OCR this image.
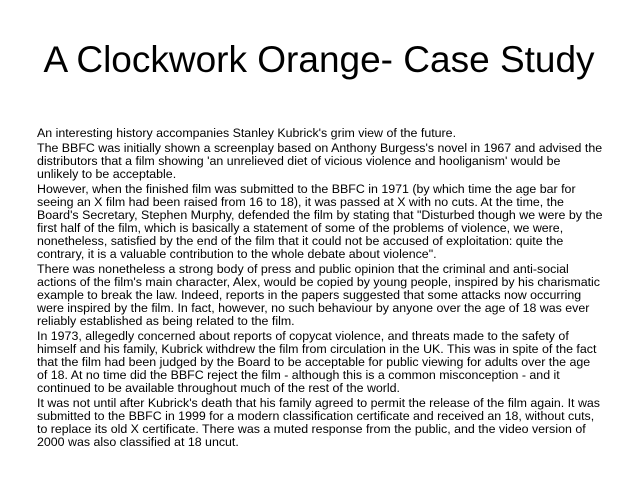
A Clockwork Orange- Case Study

An interesting history accompanies Stanley Kubrick's grim view of the future.

The BBFC was initially shown a screenplay based on Anthony Burgess's novel in 1967 and advised the distributors that a film showing 'an unrelieved diet of vicious violence and hooliganism' would be unlikely to be acceptable.

However, when the finished film was submitted to the BBFC in 1971 (by which time the age bar for seeing an X film had been raised from 16 to 18), it was passed at X with no cuts. At the time, the Board's Secretary, Stephen Murphy, defended the film by stating that "Disturbed though we were by the first half of the film, which is basically a statement of some of the problems of violence, we were, nonetheless, satisfied by the end of the film that it could not be accused of exploitation: quite the contrary, it is a valuable contribution to the whole debate about violence".

There was nonetheless a strong body of press and public opinion that the criminal and anti-social actions of the film's main character, Alex, would be copied by young people, inspired by his charismatic example to break the law. Indeed, reports in the papers suggested that some attacks now occurring were inspired by the film. In fact, however, no such behaviour by anyone over the age of 18 was ever reliably established as being related to the film.

In 1973, allegedly concerned about reports of copycat violence, and threats made to the safety of himself and his family, Kubrick withdrew the film from circulation in the UK. This was in spite of the fact that the film had been judged by the Board to be acceptable for public viewing for adults over the age of 18. At no time did the BBFC reject the film - although this is a common misconception - and it continued to be available throughout much of the rest of the world.

It was not until after Kubrick's death that his family agreed to permit the release of the film again. It was submitted to the BBFC in 1999 for a modern classification certificate and received an 18, without cuts, to replace its old X certificate. There was a muted response from the public, and the video version of 2000 was also classified at 18 uncut.
